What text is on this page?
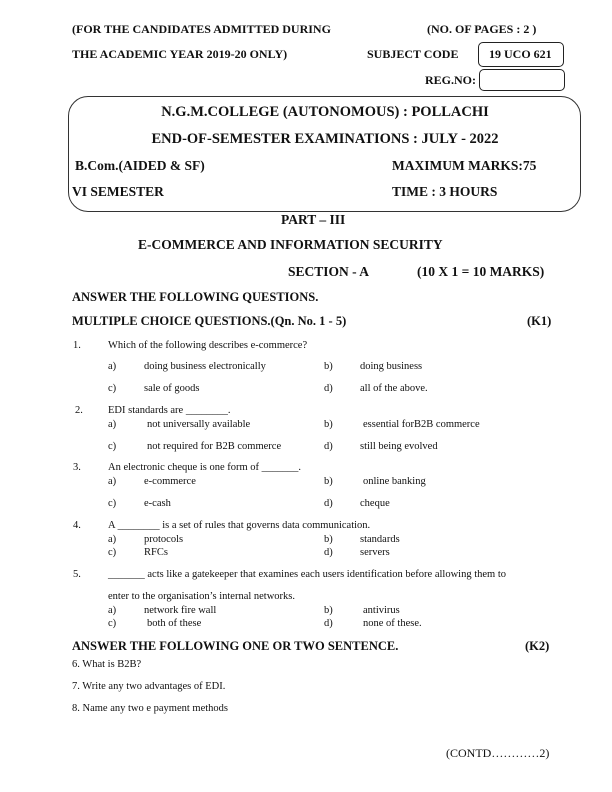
(FOR THE CANDIDATES ADMITTED DURING	(NO. OF PAGES : 2 )
THE ACADEMIC YEAR 2019-20 ONLY)	SUBJECT CODE	19 UCO 621
REG.NO:
N.G.M.COLLEGE (AUTONOMOUS) : POLLACHI
END-OF-SEMESTER EXAMINATIONS : JULY - 2022
B.Com.(AIDED & SF)	MAXIMUM MARKS:75
VI SEMESTER	TIME : 3 HOURS
PART – III
E-COMMERCE AND INFORMATION SECURITY
SECTION - A	(10 X 1 = 10 MARKS)
ANSWER THE FOLLOWING QUESTIONS.
MULTIPLE CHOICE QUESTIONS.(Qn. No. 1 - 5)	(K1)
1.	Which of the following describes e-commerce?
a)	doing business electronically	b)	doing business
c)	sale of goods	d)	all of the above.
2. EDI standards are ________.
a)	not universally available	b)	essential forB2B commerce
c)	not required for B2B commerce	d)	still being evolved
3.	An electronic cheque is one form of _______.
a)	e-commerce	b)	online banking
c)	e-cash	d)	cheque
4.	A ________ is a set of rules that governs data communication.
a)	protocols	b)	standards
c)	RFCs	d)	servers
5.	_______ acts like a gatekeeper that examines each users identification before allowing them to
enter to the organisation’s internal networks.
a)	network fire wall	b)	antivirus
c)	both of these	d)	none of these.
ANSWER THE FOLLOWING ONE OR TWO SENTENCE.	(K2)
6. What is B2B?
7. Write any two advantages of EDI.
8. Name any two e payment methods
(CONTD…………2)
